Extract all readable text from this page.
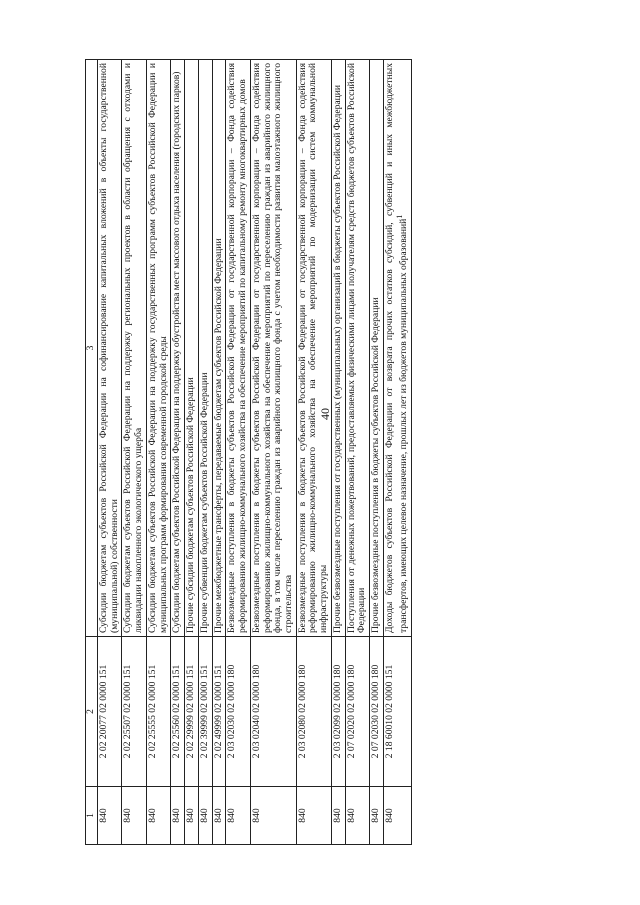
40
1	2	3
840	2 02 20077 02 0000 151	Субсидии бюджетам субъектов Российской Федерации на софинансирование капитальных вложений в объекты государственной (муниципальной) собственности
840	2 02 25507 02 0000 151	Субсидии бюджетам субъектов Российской Федерации на поддержку региональных проектов в области обращения с отходами и ликвидации накопленного экологического ущерба
840	2 02 25555 02 0000 151	Субсидии бюджетам субъектов Российской Федерации на поддержку государственных программ субъектов Российской Федерации и муниципальных программ формирования современной городской среды
840	2 02 25560 02 0000 151	Субсидии бюджетам субъектов Российской Федерации на поддержку обустройства мест массового отдыха населения (городских парков)
840	2 02 29999 02 0000 151	Прочие субсидии бюджетам субъектов Российской Федерации
840	2 02 39999 02 0000 151	Прочие субвенции бюджетам субъектов Российской Федерации
840	2 02 49999 02 0000 151	Прочие межбюджетные трансферты, передаваемые бюджетам субъектов Российской Федерации
840	2 03 02030 02 0000 180	Безвозмездные поступления в бюджеты субъектов Российской Федерации от государственной корпорации – Фонда содействия реформированию жилищно-коммунального хозяйства на обеспечение мероприятий по капитальному ремонту многоквартирных домов
840	2 03 02040 02 0000 180	Безвозмездные поступления в бюджеты субъектов Российской Федерации от государственной корпорации – Фонда содействия реформированию жилищно-коммунального хозяйства на обеспечение мероприятий по переселению граждан из аварийного жилищного фонда, в том числе переселению граждан из аварийного жилищного фонда с учетом необходимости развития малоэтажного жилищного строительства
840	2 03 02080 02 0000 180	Безвозмездные поступления в бюджеты субъектов Российской Федерации от государственной корпорации – Фонда содействия реформированию жилищно-коммунального хозяйства на обеспечение мероприятий по модернизации систем коммунальной инфраструктуры
840	2 03 02099 02 0000 180	Прочие безвозмездные поступления от государственных (муниципальных) организаций в бюджеты субъектов Российской Федерации
840	2 07 02020 02 0000 180	Поступления от денежных пожертвований, предоставляемых физическими лицами получателям средств бюджетов субъектов Российской Федерации
840	2 07 02030 02 0000 180	Прочие безвозмездные поступления в бюджеты субъектов Российской Федерации
840	2 18 60010 02 0000 151	Доходы бюджетов субъектов Российской Федерации от возврата прочих остатков субсидий, субвенций и иных межбюджетных трансфертов, имеющих целевое назначение, прошлых лет из бюджетов муниципальных образований$^1$
